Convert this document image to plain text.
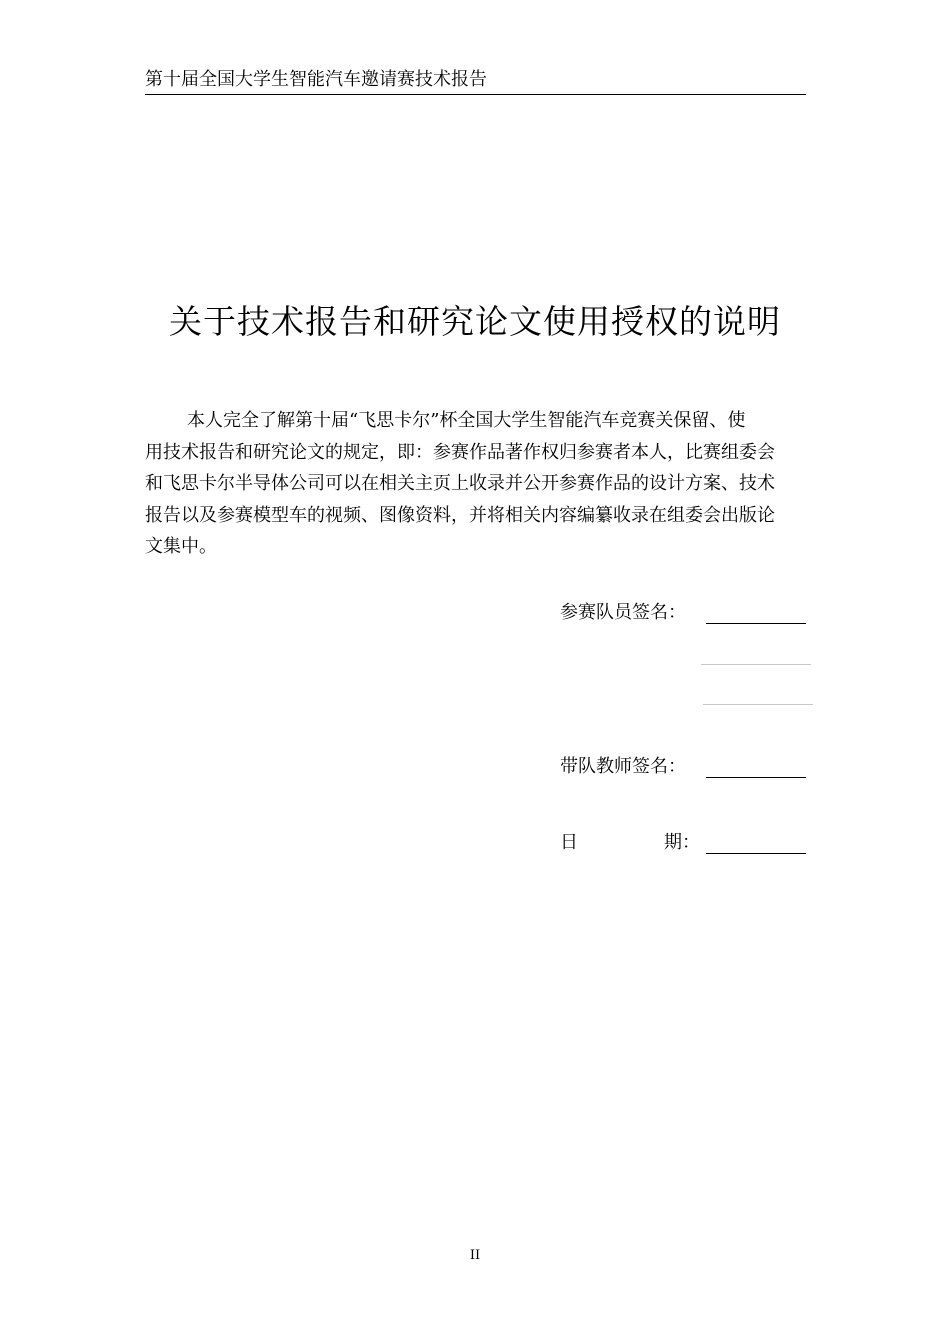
第十届全国大学生智能汽车邀请赛技术报告
关于技术报告和研究论文使用授权的说明
本人完全了解第十届“飞思卡尔”杯全国大学生智能汽车竞赛关保留、使
用技术报告和研究论文的规定，即：参赛作品著作权归参赛者本人，比赛组委会
和飞思卡尔半导体公司可以在相关主页上收录并公开参赛作品的设计方案、技术
报告以及参赛模型车的视频、图像资料，并将相关内容编纂收录在组委会出版论
文集中。
参赛队员签名：
带队教师签名：
日	期：
II
